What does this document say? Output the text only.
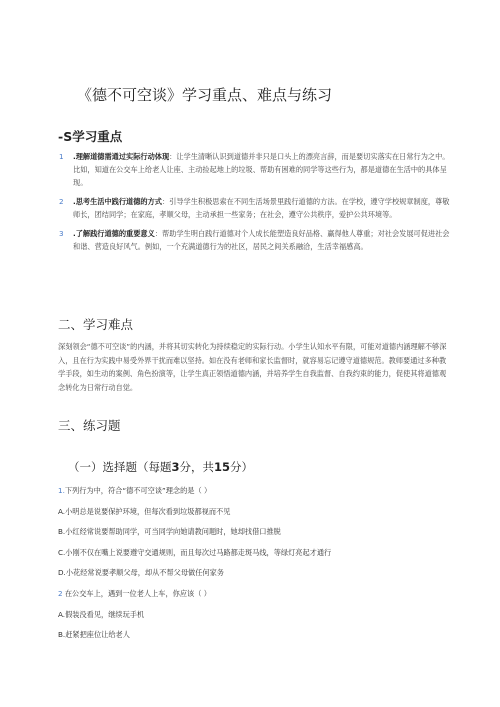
《德不可空谈》学习重点、难点与练习
-S学习重点
1 .理解道德需通过实际行动体现：让学生清晰认识到道德并非只是口头上的漂亮言辞，而是要切实落实在日常行为之中。比如，知道在公交车上给老人让座、主动捡起地上的垃圾、帮助有困难的同学等这些行为，都是道德在生活中的具体呈现。
2 .思考生活中践行道德的方式：引导学生积极思索在不同生活场景里践行道德的方法。在学校，遵守学校规章制度，尊敬师长，团结同学；在家庭，孝顺父母，主动承担一些家务；在社会，遵守公共秩序，爱护公共环境等。
3 .了解践行道德的重要意义：帮助学生明白践行道德对个人成长能塑造良好品格、赢得他人尊重；对社会发展可促进社会和谐、营造良好风气。例如，一个充满道德行为的社区，居民之间关系融洽，生活幸福感高。
二、学习难点

深刻领会“德不可空谈”的内涵，并将其切实转化为持续稳定的实际行动。小学生认知水平有限，可能对道德内涵理解不够深入，且在行为实践中易受外界干扰而难以坚持。如在没有老师和家长监督时，就容易忘记遵守道德规范。教师要通过多种教学手段，如生动的案例、角色扮演等，让学生真正领悟道德内涵，并培养学生自我监督、自我约束的能力，促使其将道德观念转化为日常行动自觉。

三、练习题
（一）选择题（每题3分，共15分）
1.下列行为中，符合“德不可空谈”理念的是（ ）
A.小明总是说要保护环境，但每次看到垃圾都视而不见
B.小红经常说要帮助同学，可当同学向她请教问题时，她却找借口推脱
C.小刚不仅在嘴上说要遵守交通规则，而且每次过马路都走斑马线，等绿灯亮起才通行
D.小花经常说要孝顺父母，却从不帮父母做任何家务
2 在公交车上，遇到一位老人上车，你应该（ ）
A.假装没看见，继续玩手机
B.赶紧把座位让给老人
